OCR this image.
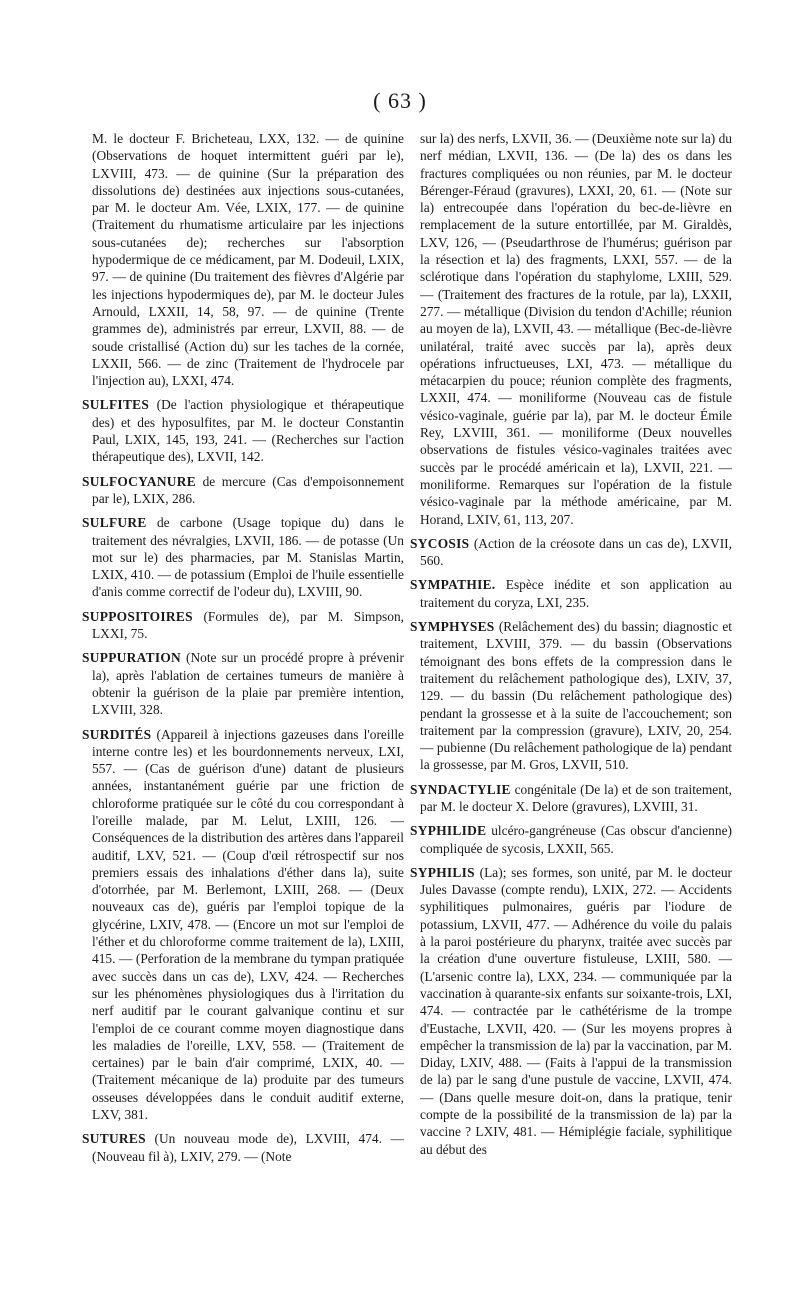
( 63 )

M. le docteur F. Bricheteau, LXX, 132. — de quinine (Observations de hoquet intermittent guéri par le), LXVIII, 473. — de quinine (Sur la préparation des dissolutions de) destinées aux injections sous-cutanées, par M. le docteur Am. Vée, LXIX, 177. — de quinine (Traitement du rhumatisme articulaire par les injections sous-cutanées de); recherches sur l'absorption hypodermique de ce médicament, par M. Dodeuil, LXIX, 97. — de quinine (Du traitement des fièvres d'Algérie par les injections hypodermiques de), par M. le docteur Jules Arnould, LXXII, 14, 58, 97. — de quinine (Trente grammes de), administrés par erreur, LXVII, 88. — de soude cristallisé (Action du) sur les taches de la cornée, LXXII, 566. — de zinc (Traitement de l'hydrocele par l'injection au), LXXI, 474.

SULFITES (De l'action physiologique et thérapeutique des) et des hyposulfites, par M. le docteur Constantin Paul, LXIX, 145, 193, 241. — (Recherches sur l'action thérapeutique des), LXVII, 142.

SULFOCYANURE de mercure (Cas d'empoisonnement par le), LXIX, 286.

SULFURE de carbone (Usage topique du) dans le traitement des névralgies, LXVII, 186. — de potasse (Un mot sur le) des pharmacies, par M. Stanislas Martin, LXIX, 410. — de potassium (Emploi de l'huile essentielle d'anis comme correctif de l'odeur du), LXVIII, 90.

SUPPOSITOIRES (Formules de), par M. Simpson, LXXI, 75.

SUPPURATION (Note sur un procédé propre à prévenir la), après l'ablation de certaines tumeurs de manière à obtenir la guérison de la plaie par première intention, LXVIII, 328.

SURDITÉS (Appareil à injections gazeuses dans l'oreille interne contre les) et les bourdonnements nerveux, LXI, 557. — (Cas de guérison d'une) datant de plusieurs années, instantanément guérie par une friction de chloroforme pratiquée sur le côté du cou correspondant à l'oreille malade, par M. Lelut, LXIII, 126. — Conséquences de la distribution des artères dans l'appareil auditif, LXV, 521. — (Coup d'œil rétrospectif sur nos premiers essais des inhalations d'éther dans la), suite d'otorrhée, par M. Berlemont, LXIII, 268. — (Deux nouveaux cas de), guéris par l'emploi topique de la glycérine, LXIV, 478. — (Encore un mot sur l'emploi de l'éther et du chloroforme comme traitement de la), LXIII, 415. — (Perforation de la membrane du tympan pratiquée avec succès dans un cas de), LXV, 424. — Recherches sur les phénomènes physiologiques dus à l'irritation du nerf auditif par le courant galvanique continu et sur l'emploi de ce courant comme moyen diagnostique dans les maladies de l'oreille, LXV, 558. — (Traitement de certaines) par le bain d'air comprimé, LXIX, 40. — (Traitement mécanique de la) produite par des tumeurs osseuses développées dans le conduit auditif externe, LXV, 381.

SUTURES (Un nouveau mode de), LXVIII, 474. — (Nouveau fil à), LXIV, 279. — (Note

sur la) des nerfs, LXVII, 36. — (Deuxième note sur la) du nerf médian, LXVII, 136. — (De la) des os dans les fractures compliquées ou non réunies, par M. le docteur Bérenger-Féraud (gravures), LXXI, 20, 61. — (Note sur la) entrecoupée dans l'opération du bec-de-lièvre en remplacement de la suture entortillée, par M. Giraldès, LXV, 126, — (Pseudarthrose de l'humérus; guérison par la résection et la) des fragments, LXXI, 557. — de la sclérotique dans l'opération du staphylome, LXIII, 529. — (Traitement des fractures de la rotule, par la), LXXII, 277. — métallique (Division du tendon d'Achille; réunion au moyen de la), LXVII, 43. — métallique (Bec-de-lièvre unilatéral, traité avec succès par la), après deux opérations infructueuses, LXI, 473. — métallique du métacarpien du pouce; réunion complète des fragments, LXXII, 474. — moniliforme (Nouveau cas de fistule vésico-vaginale, guérie par la), par M. le docteur Émile Rey, LXVIII, 361. — moniliforme (Deux nouvelles observations de fistules vésico-vaginales traitées avec succès par le procédé américain et la), LXVII, 221. — moniliforme. Remarques sur l'opération de la fistule vésico-vaginale par la méthode américaine, par M. Horand, LXIV, 61, 113, 207.

SYCOSIS (Action de la créosote dans un cas de), LXVII, 560.

SYMPATHIE. Espèce inédite et son application au traitement du coryza, LXI, 235.

SYMPHYSES (Relâchement des) du bassin; diagnostic et traitement, LXVIII, 379. — du bassin (Observations témoignant des bons effets de la compression dans le traitement du relâchement pathologique des), LXIV, 37, 129. — du bassin (Du relâchement pathologique des) pendant la grossesse et à la suite de l'accouchement; son traitement par la compression (gravure), LXIV, 20, 254. — pubienne (Du relâchement pathologique de la) pendant la grossesse, par M. Gros, LXVII, 510.

SYNDACTYLIE congénitale (De la) et de son traitement, par M. le docteur X. Delore (gravures), LXVIII, 31.

SYPHILIDE ulcéro-gangréneuse (Cas obscur d'ancienne) compliquée de sycosis, LXXII, 565.

SYPHILIS (La); ses formes, son unité, par M. le docteur Jules Davasse (compte rendu), LXIX, 272. — Accidents syphilitiques pulmonaires, guéris par l'iodure de potassium, LXVII, 477. — Adhérence du voile du palais à la paroi postérieure du pharynx, traitée avec succès par la création d'une ouverture fistuleuse, LXIII, 580. — (L'arsenic contre la), LXX, 234. — communiquée par la vaccination à quarante-six enfants sur soixante-trois, LXI, 474. — contractée par le cathétérisme de la trompe d'Eustache, LXVII, 420. — (Sur les moyens propres à empêcher la transmission de la) par la vaccination, par M. Diday, LXIV, 488. — (Faits à l'appui de la transmission de la) par le sang d'une pustule de vaccine, LXVII, 474. — (Dans quelle mesure doit-on, dans la pratique, tenir compte de la possibilité de la transmission de la) par la vaccine ? LXIV, 481. — Hémiplégie faciale, syphilitique au début des
